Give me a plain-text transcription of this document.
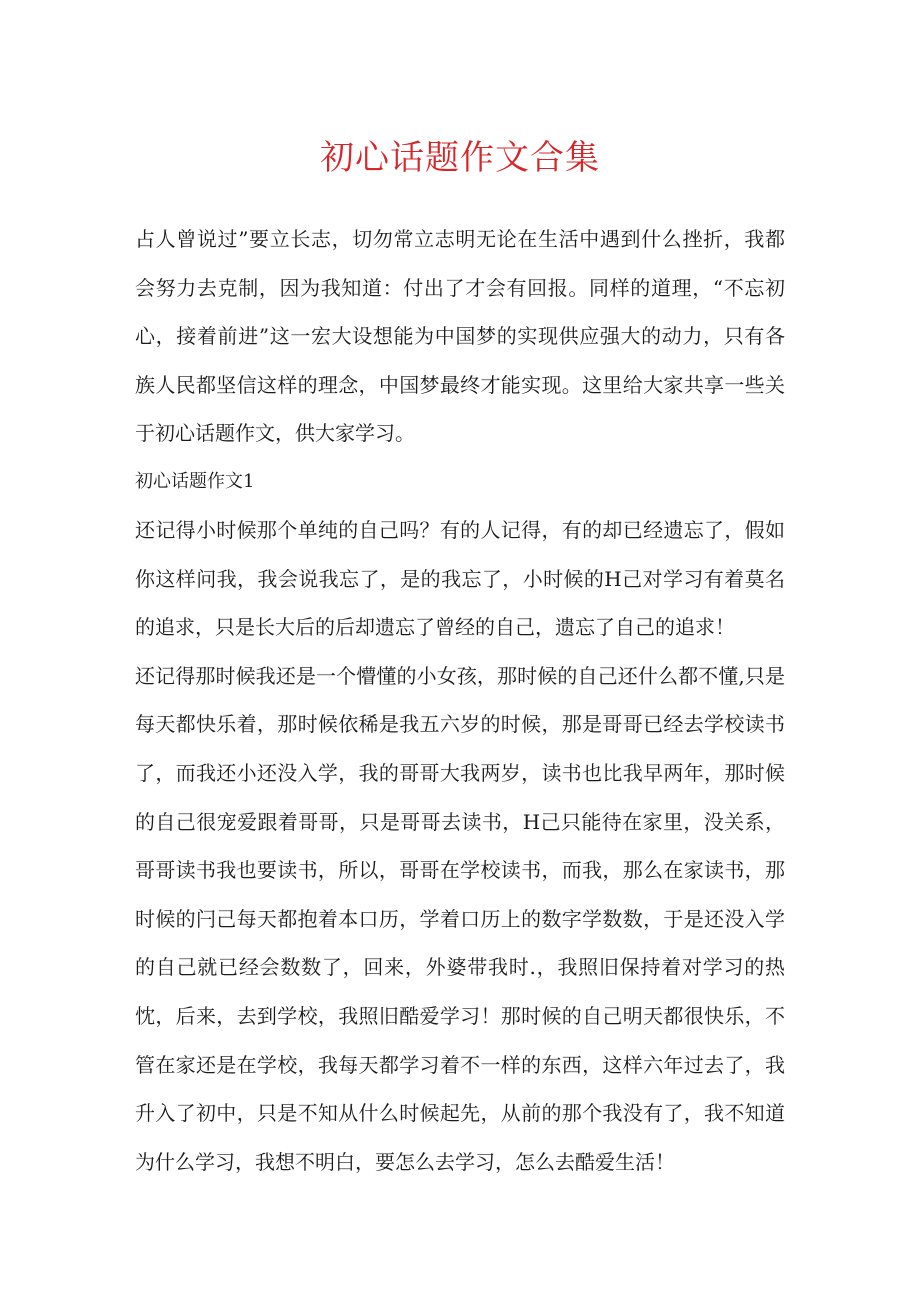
初心话题作文合集

占人曾说过”要立长志，切勿常立志明无论在生活中遇到什么挫折，我都会努力去克制，因为我知道：付出了才会有回报。同样的道理，“不忘初心，接着前进”这一宏大设想能为中国梦的实现供应强大的动力，只有各族人民都坚信这样的理念，中国梦最终才能实现。这里给大家共享一些关于初心话题作文，供大家学习。

初心话题作文1

还记得小时候那个单纯的自己吗？有的人记得，有的却已经遗忘了，假如你这样问我，我会说我忘了，是的我忘了，小时候的H己对学习有着莫名的追求，只是长大后的后却遗忘了曾经的自己，遗忘了自己的追求！

还记得那时候我还是一个懵懂的小女孩，那时候的自己还什么都不懂,只是每天都快乐着，那时候依稀是我五六岁的时候，那是哥哥已经去学校读书了，而我还小还没入学，我的哥哥大我两岁，读书也比我早两年，那时候的自己很宠爱跟着哥哥，只是哥哥去读书，H己只能待在家里，没关系，哥哥读书我也要读书，所以，哥哥在学校读书，而我，那么在家读书，那时候的闩己每天都抱着本口历，学着口历上的数字学数数，于是还没入学的自己就已经会数数了，回来，外婆带我时.，我照旧保持着对学习的热忱，后来，去到学校，我照旧酷爱学习！那时候的自己明天都很快乐，不管在家还是在学校，我每天都学习着不一样的东西，这样六年过去了，我升入了初中，只是不知从什么时候起先，从前的那个我没有了，我不知道为什么学习，我想不明白，要怎么去学习，怎么去酷爱生活！
